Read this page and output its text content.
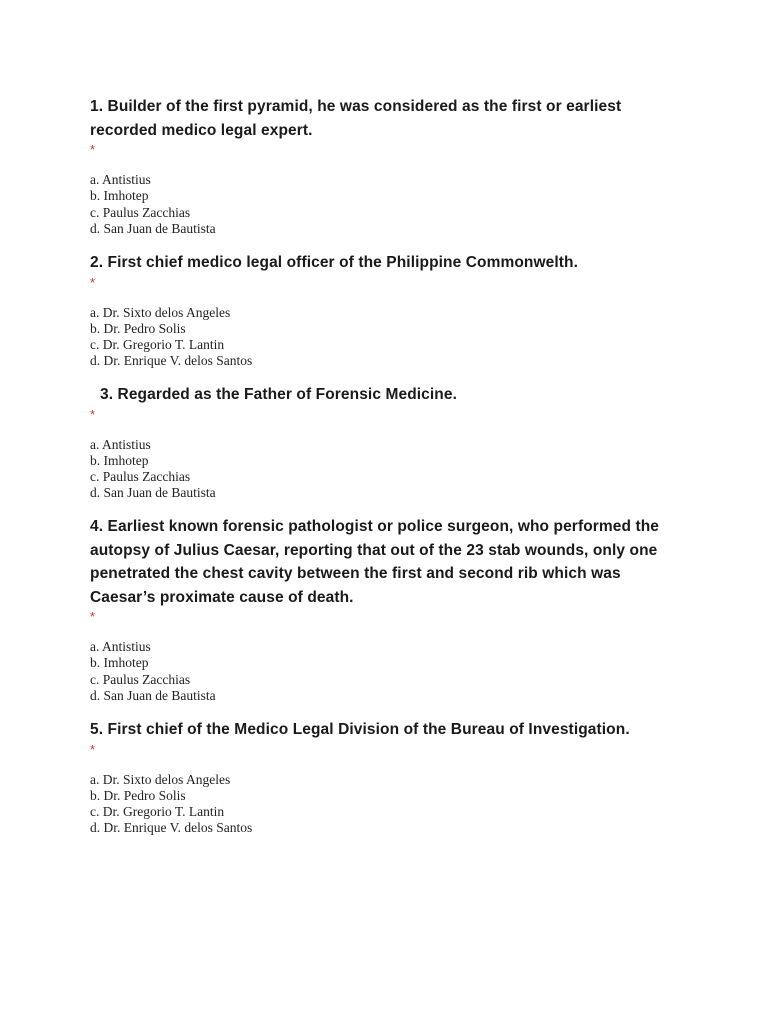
1. Builder of the first pyramid, he was considered as the first or earliest recorded medico legal expert.
*
a. Antistius
b. Imhotep
c. Paulus Zacchias
d. San Juan de Bautista
2. First chief medico legal officer of the Philippine Commonwelth.
*
a. Dr. Sixto delos Angeles
b. Dr. Pedro Solis
c. Dr. Gregorio T. Lantin
d. Dr. Enrique V. delos Santos
3. Regarded as the Father of Forensic Medicine.
*
a. Antistius
b. Imhotep
c. Paulus Zacchias
d. San Juan de Bautista
4. Earliest known forensic pathologist or police surgeon, who performed the autopsy of Julius Caesar, reporting that out of the 23 stab wounds, only one penetrated the chest cavity between the first and second rib which was Caesar’s proximate cause of death.
*
a. Antistius
b. Imhotep
c. Paulus Zacchias
d. San Juan de Bautista
5. First chief of the Medico Legal Division of the Bureau of Investigation.
*
a. Dr. Sixto delos Angeles
b. Dr. Pedro Solis
c. Dr. Gregorio T. Lantin
d. Dr. Enrique V. delos Santos
